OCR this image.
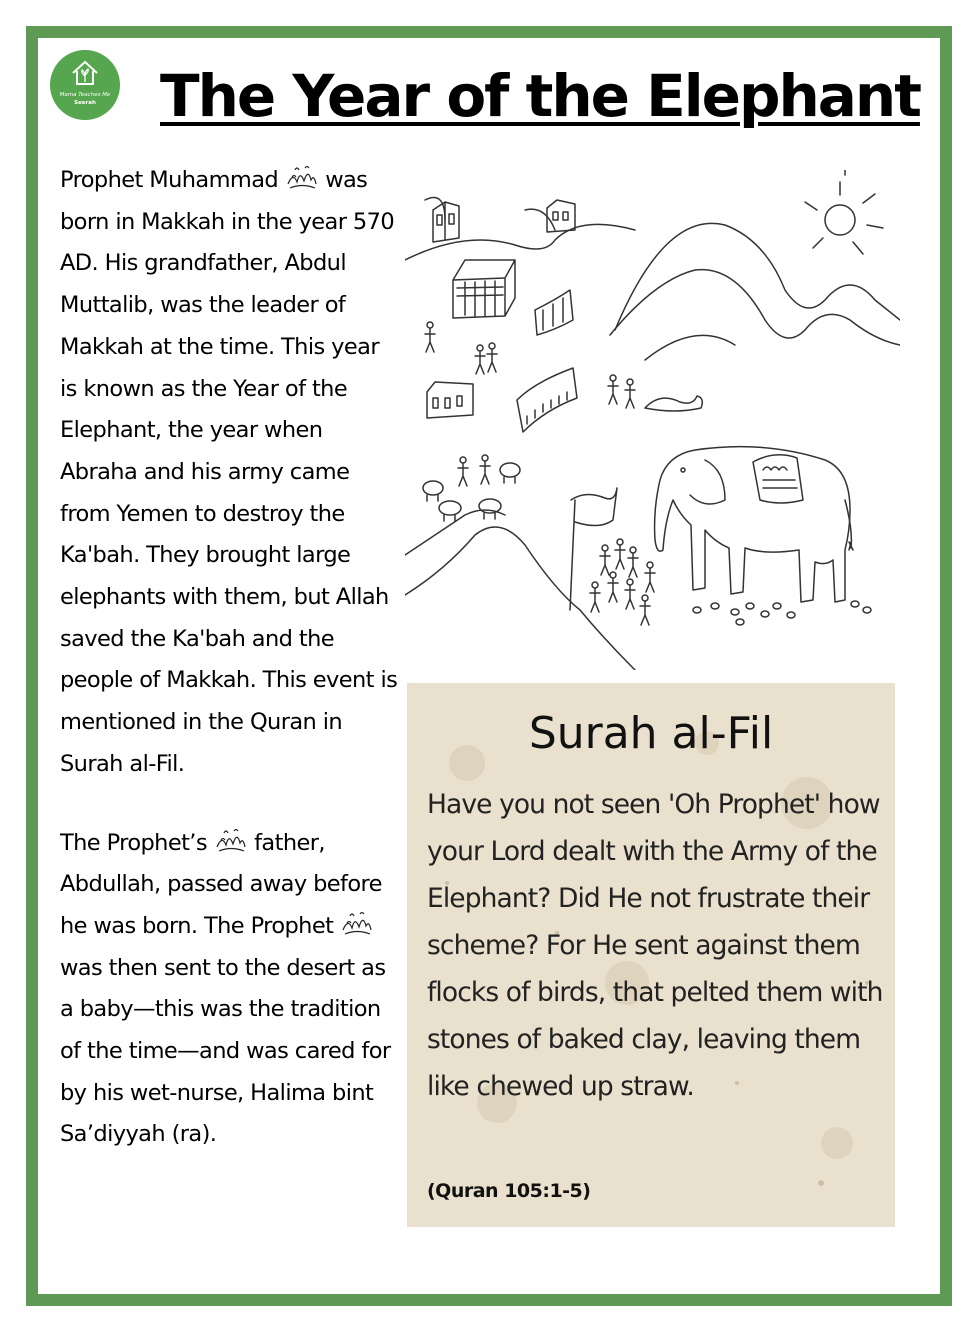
Mama Teaches Me
Seerah	The Year of the Elephant

Prophet Muhammad  was born in Makkah in the year 570 AD. His grandfather, Abdul Muttalib, was the leader of Makkah at the time. This year is known as the Year of the Elephant, the year when Abraha and his army came from Yemen to destroy the Ka'bah. They brought large elephants with them, but Allah saved the Ka'bah and the people of Makkah. This event is mentioned in the Quran in Surah al-Fil.

The Prophet’s  father, Abdullah, passed away before he was born. The Prophet  was then sent to the desert as a baby—this was the tradition of the time—and was cared for by his wet-nurse, Halima bint Sa’diyyah (ra).

Surah al-Fil

Have you not seen 'Oh Prophet' how your Lord dealt with the Army of the Elephant? Did He not frustrate their scheme? For He sent against them flocks of birds, that pelted them with stones of baked clay, leaving them like chewed up straw.

(Quran 105:1-5)
